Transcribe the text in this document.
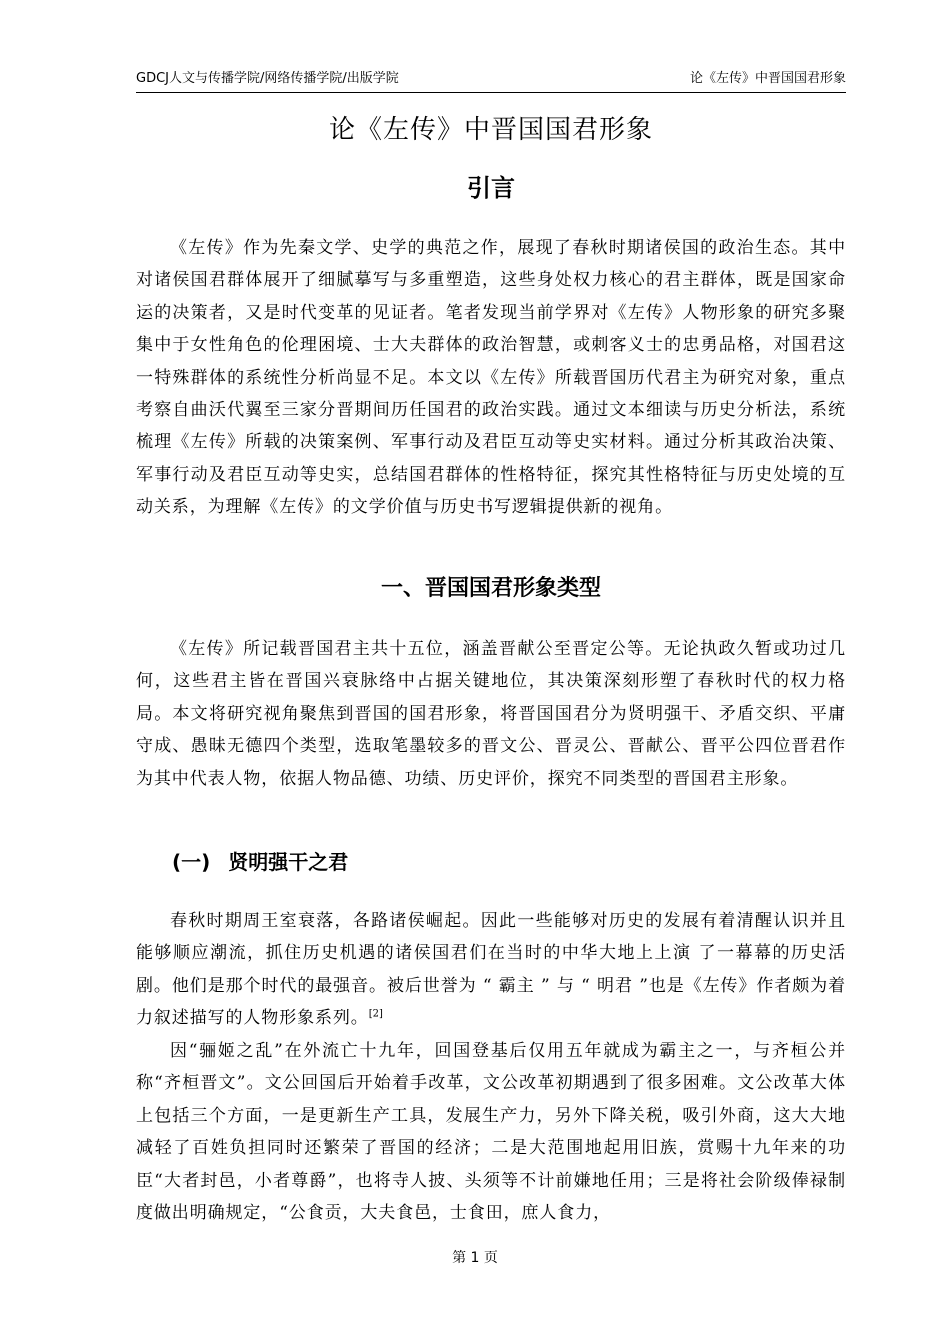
GDCJ人文与传播学院/网络传播学院/出版学院	论《左传》中晋国国君形象
论《左传》中晋国国君形象
引言
《左传》作为先秦文学、史学的典范之作，展现了春秋时期诸侯国的政治生态。其中对诸侯国君群体展开了细腻摹写与多重塑造，这些身处权力核心的君主群体，既是国家命运的决策者，又是时代变革的见证者。笔者发现当前学界对《左传》人物形象的研究多聚集中于女性角色的伦理困境、士大夫群体的政治智慧，或刺客义士的忠勇品格，对国君这一特殊群体的系统性分析尚显不足。本文以《左传》所载晋国历代君主为研究对象，重点考察自曲沃代翼至三家分晋期间历任国君的政治实践。通过文本细读与历史分析法，系统梳理《左传》所载的决策案例、军事行动及君臣互动等史实材料。通过分析其政治决策、军事行动及君臣互动等史实，总结国君群体的性格特征，探究其性格特征与历史处境的互动关系，为理解《左传》的文学价值与历史书写逻辑提供新的视角。
一、晋国国君形象类型
《左传》所记载晋国君主共十五位，涵盖晋献公至晋定公等。无论执政久暂或功过几何，这些君主皆在晋国兴衰脉络中占据关键地位，其决策深刻形塑了春秋时代的权力格局。本文将研究视角聚焦到晋国的国君形象，将晋国国君分为贤明强干、矛盾交织、平庸守成、愚昧无德四个类型，选取笔墨较多的晋文公、晋灵公、晋献公、晋平公四位晋君作为其中代表人物，依据人物品德、功绩、历史评价，探究不同类型的晋国君主形象。
(一) 贤明强干之君
春秋时期周王室衰落，各路诸侯崛起。因此一些能够对历史的发展有着清醒认识并且能够顺应潮流，抓住历史机遇的诸侯国君们在当时的中华大地上上演 了一幕幕的历史活剧。他们是那个时代的最强音。被后世誉为 “ 霸主 ” 与 “ 明君 ”也是《左传》作者颇为着力叙述描写的人物形象系列。[2]
因“骊姬之乱”在外流亡十九年，回国登基后仅用五年就成为霸主之一，与齐桓公并称“齐桓晋文”。文公回国后开始着手改革，文公改革初期遇到了很多困难。文公改革大体上包括三个方面，一是更新生产工具，发展生产力，另外下降关税，吸引外商，这大大地减轻了百姓负担同时还繁荣了晋国的经济；二是大范围地起用旧族，赏赐十九年来的功臣“大者封邑，小者尊爵”，也将寺人披、头须等不计前嫌地任用；三是将社会阶级俸禄制度做出明确规定，“公食贡，大夫食邑，士食田，庶人食力，
第 1 页
